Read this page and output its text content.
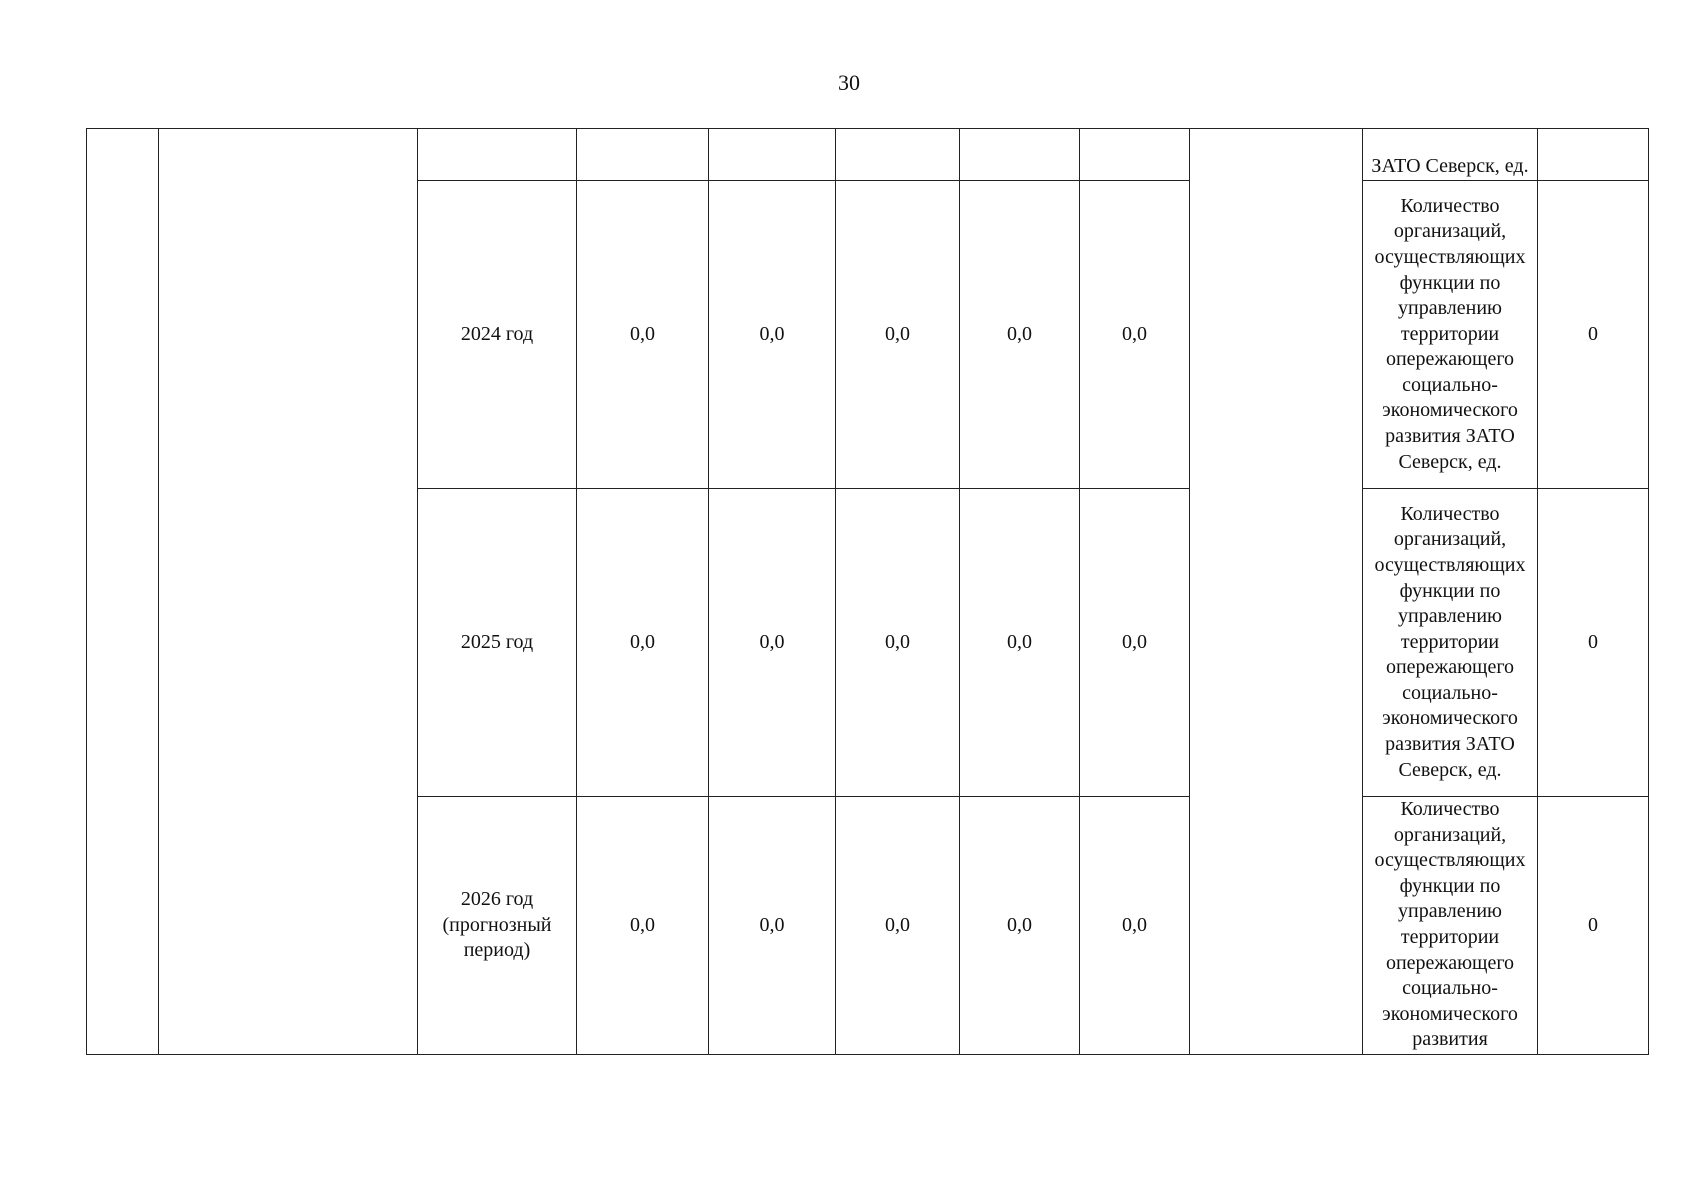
30

									ЗАТО Северск, ед.	

		2024 год	0,0	0,0	0,0	0,0	0,0		Количество организаций, осуществляющих функции по управлению территории опережающего социально-экономического развития ЗАТО Северск, ед.	0
		2025 год	0,0	0,0	0,0	0,0	0,0		Количество организаций, осуществляющих функции по управлению территории опережающего социально-экономического развития ЗАТО Северск, ед.	0

		2026 год (прогнозный период)	0,0	0,0	0,0	0,0	0,0		Количество организаций, осуществляющих функции по управлению территории опережающего социально-экономического развития	0
